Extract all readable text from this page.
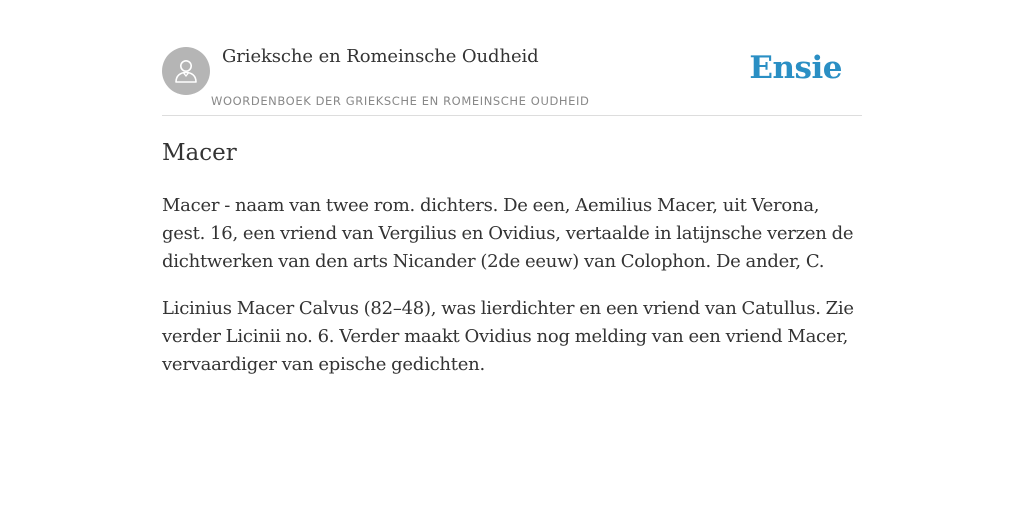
Grieksche en Romeinsche Oudheid
WOORDENBOEK DER GRIEKSCHE EN ROMEINSCHE OUDHEID
Ensie
Macer

Macer - naam van twee rom. dichters. De een, Aemilius Macer, uit Verona, gest. 16, een vriend van Vergilius en Ovidius, vertaalde in latijnsche verzen de dichtwerken van den arts Nicander (2de eeuw) van Colophon. De ander, C.

Licinius Macer Calvus (82–48), was lierdichter en een vriend van Catullus. Zie verder Licinii no. 6. Verder maakt Ovidius nog melding van een vriend Macer, vervaardiger van epische gedichten.
